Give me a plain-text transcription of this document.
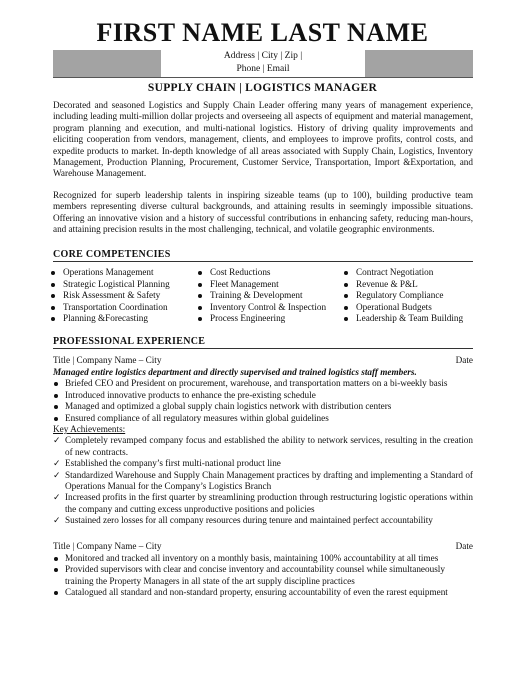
FIRST NAME LAST NAME
Address | City | Zip |
Phone | Email
SUPPLY CHAIN | LOGISTICS MANAGER

Decorated and seasoned Logistics and Supply Chain Leader offering many years of management experience, including leading multi-million dollar projects and overseeing all aspects of equipment and material management, program planning and execution, and multi-national logistics. History of driving quality improvements and eliciting cooperation from vendors, management, clients, and employees to improve profits, control costs, and expedite products to market. In-depth knowledge of all areas associated with Supply Chain, Logistics, Inventory Management, Production Planning, Procurement, Customer Service, Transportation, Import &Exportation, and Warehouse Management.

Recognized for superb leadership talents in inspiring sizeable teams (up to 100), building productive team members representing diverse cultural backgrounds, and attaining results in seemingly impossible situations. Offering an innovative vision and a history of successful contributions in enhancing safety, reducing man-hours, and attaining precision results in the most challenging, technical, and volatile geographic environments.

CORE COMPETENCIES
Operations Management
Strategic Logistical Planning
Risk Assessment & Safety
Transportation Coordination
Planning &Forecasting
Cost Reductions
Fleet Management
Training & Development
Inventory Control & Inspection
Process Engineering
Contract Negotiation
Revenue & P&L
Regulatory Compliance
Operational Budgets
Leadership & Team Building
PROFESSIONAL EXPERIENCE
Title | Company Name – City	Date

Managed entire logistics department and directly supervised and trained logistics staff members.

Briefed CEO and President on procurement, warehouse, and transportation matters on a bi-weekly basis
Introduced innovative products to enhance the pre-existing schedule
Managed and optimized a global supply chain logistics network with distribution centers
Ensured compliance of all regulatory measures within global guidelines

Key Achievements:

✓ Completely revamped company focus and established the ability to network services, resulting in the creation of new contracts.
✓ Established the company’s first multi-national product line
✓ Standardized Warehouse and Supply Chain Management practices by drafting and implementing a Standard of Operations Manual for the Company’s Logistics Branch
✓ Increased profits in the first quarter by streamlining production through restructuring logistic operations within the company and cutting excess unproductive positions and policies
✓ Sustained zero losses for all company resources during tenure and maintained perfect accountability
Title | Company Name – City	Date
Monitored and tracked all inventory on a monthly basis, maintaining 100% accountability at all times
Provided supervisors with clear and concise inventory and accountability counsel while simultaneously training the Property Managers in all state of the art supply discipline practices
Catalogued all standard and non-standard property, ensuring accountability of even the rarest equipment
